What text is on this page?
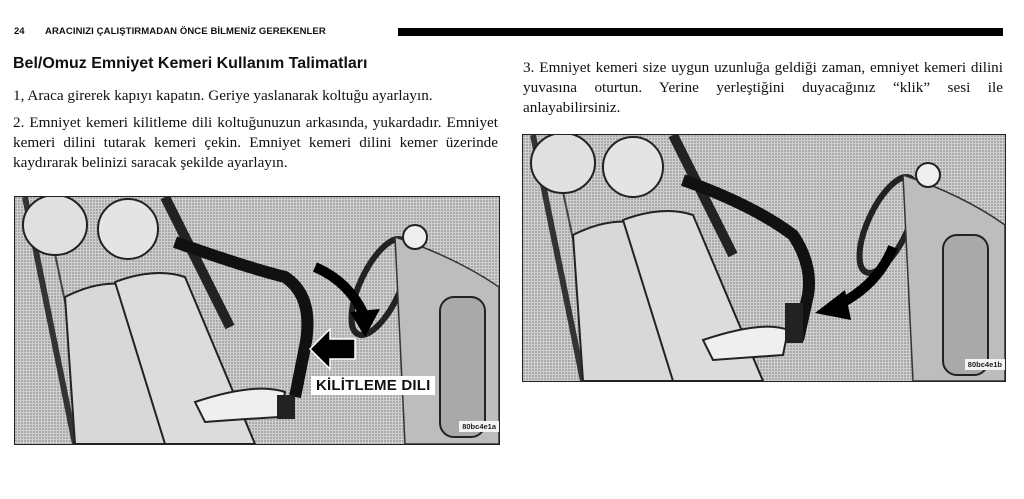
24 ARACINIZI ÇALIŞTIRMADAN ÖNCE BİLMENİZ GEREKENLER
Bel/Omuz Emniyet Kemeri Kullanım Talimatları

1, Araca girerek kapıyı kapatın. Geriye yaslanarak koltuğu ayarlayın.

2. Emniyet kemeri kilitleme dili koltuğunuzun arkasında, yukardadır. Emniyet kemeri dilini tutarak kemeri çekin. Emniyet kemeri dilini kemer üzerinde kaydırarak belinizi saracak şekilde ayarlayın.

3. Emniyet kemeri size uygun uzunluğa geldiği zaman, emniyet kemeri dilini yuvasına oturtun. Yerine yerleştiğini duyacağınız “klik” sesi ile anlayabilirsiniz.

KİLİTLEME DILI
80bc4e1a
80bc4e1b
